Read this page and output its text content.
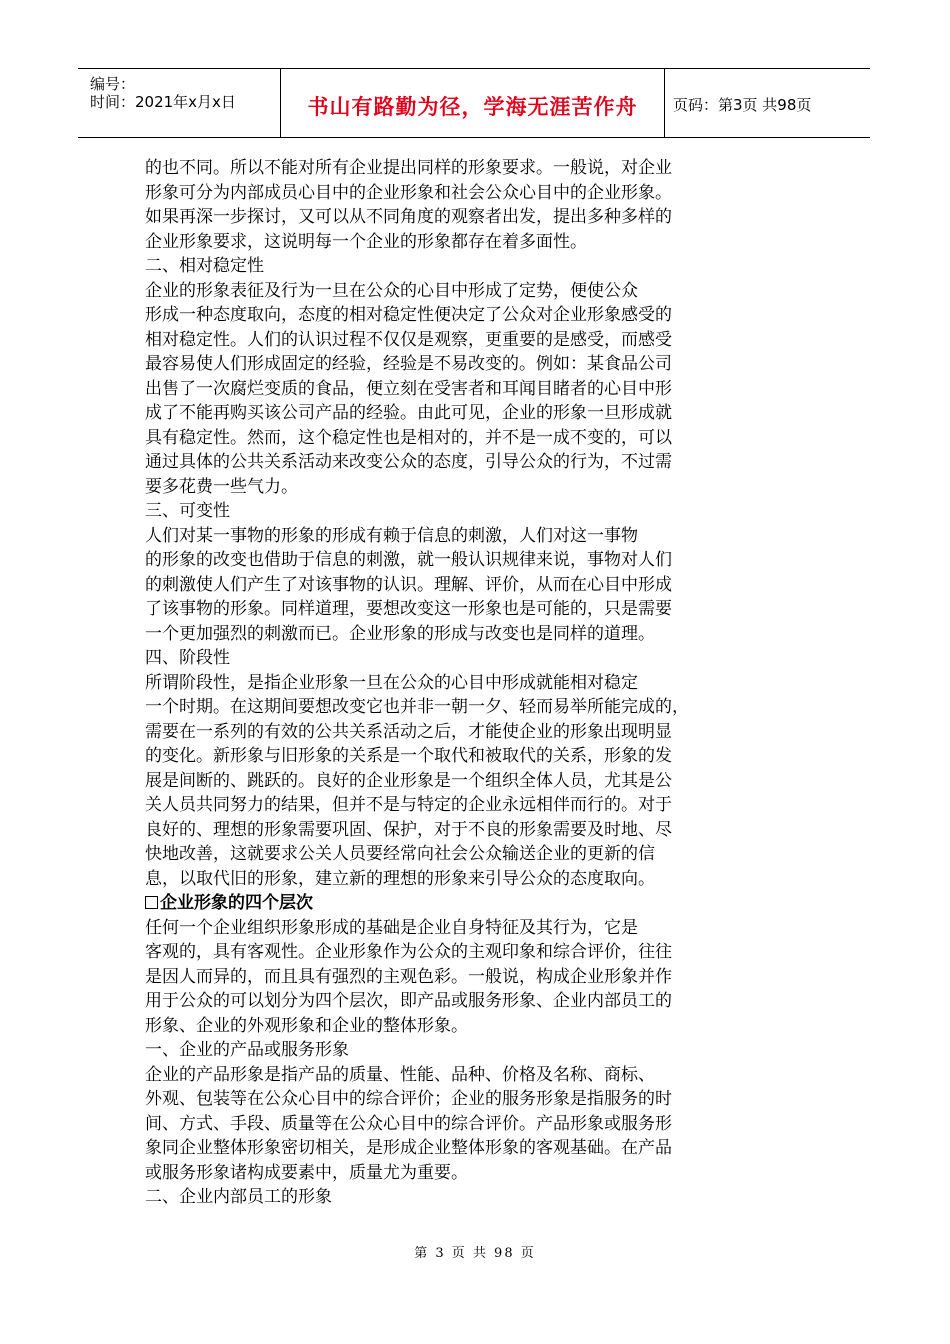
编号：
时间：2021年x月x日	书山有路勤为径，学海无涯苦作舟	页码：第3页 共98页
的也不同。所以不能对所有企业提出同样的形象要求。一般说，对企业
形象可分为内部成员心目中的企业形象和社会公众心目中的企业形象。
如果再深一步探讨，又可以从不同角度的观察者出发，提出多种多样的
企业形象要求，这说明每一个企业的形象都存在着多面性。
二、相对稳定性
企业的形象表征及行为一旦在公众的心目中形成了定势，便使公众
形成一种态度取向，态度的相对稳定性便决定了公众对企业形象感受的
相对稳定性。人们的认识过程不仅仅是观察，更重要的是感受，而感受
最容易使人们形成固定的经验，经验是不易改变的。例如：某食品公司
出售了一次腐烂变质的食品，便立刻在受害者和耳闻目睹者的心目中形
成了不能再购买该公司产品的经验。由此可见，企业的形象一旦形成就
具有稳定性。然而，这个稳定性也是相对的，并不是一成不变的，可以
通过具体的公共关系活动来改变公众的态度，引导公众的行为，不过需
要多花费一些气力。
三、可变性
人们对某一事物的形象的形成有赖于信息的刺激，人们对这一事物
的形象的改变也借助于信息的刺激，就一般认识规律来说，事物对人们
的刺激使人们产生了对该事物的认识。理解、评价，从而在心目中形成
了该事物的形象。同样道理，要想改变这一形象也是可能的，只是需要
一个更加强烈的刺激而已。企业形象的形成与改变也是同样的道理。
四、阶段性
所谓阶段性，是指企业形象一旦在公众的心目中形成就能相对稳定
一个时期。在这期间要想改变它也并非一朝一夕、轻而易举所能完成的，
需要在一系列的有效的公共关系活动之后，才能使企业的形象出现明显
的变化。新形象与旧形象的关系是一个取代和被取代的关系，形象的发
展是间断的、跳跃的。良好的企业形象是一个组织全体人员，尤其是公
关人员共同努力的结果，但并不是与特定的企业永远相伴而行的。对于
良好的、理想的形象需要巩固、保护，对于不良的形象需要及时地、尽
快地改善，这就要求公关人员要经常向社会公众输送企业的更新的信
息，以取代旧的形象，建立新的理想的形象来引导公众的态度取向。
企业形象的四个层次
任何一个企业组织形象形成的基础是企业自身特征及其行为，它是
客观的，具有客观性。企业形象作为公众的主观印象和综合评价，往往
是因人而异的，而且具有强烈的主观色彩。一般说，构成企业形象并作
用于公众的可以划分为四个层次，即产品或服务形象、企业内部员工的
形象、企业的外观形象和企业的整体形象。
一、企业的产品或服务形象
企业的产品形象是指产品的质量、性能、品种、价格及名称、商标、
外观、包装等在公众心目中的综合评价；企业的服务形象是指服务的时
间、方式、手段、质量等在公众心目中的综合评价。产品形象或服务形
象同企业整体形象密切相关，是形成企业整体形象的客观基础。在产品
或服务形象诸构成要素中，质量尤为重要。
二、企业内部员工的形象
第 3 页 共 98 页
